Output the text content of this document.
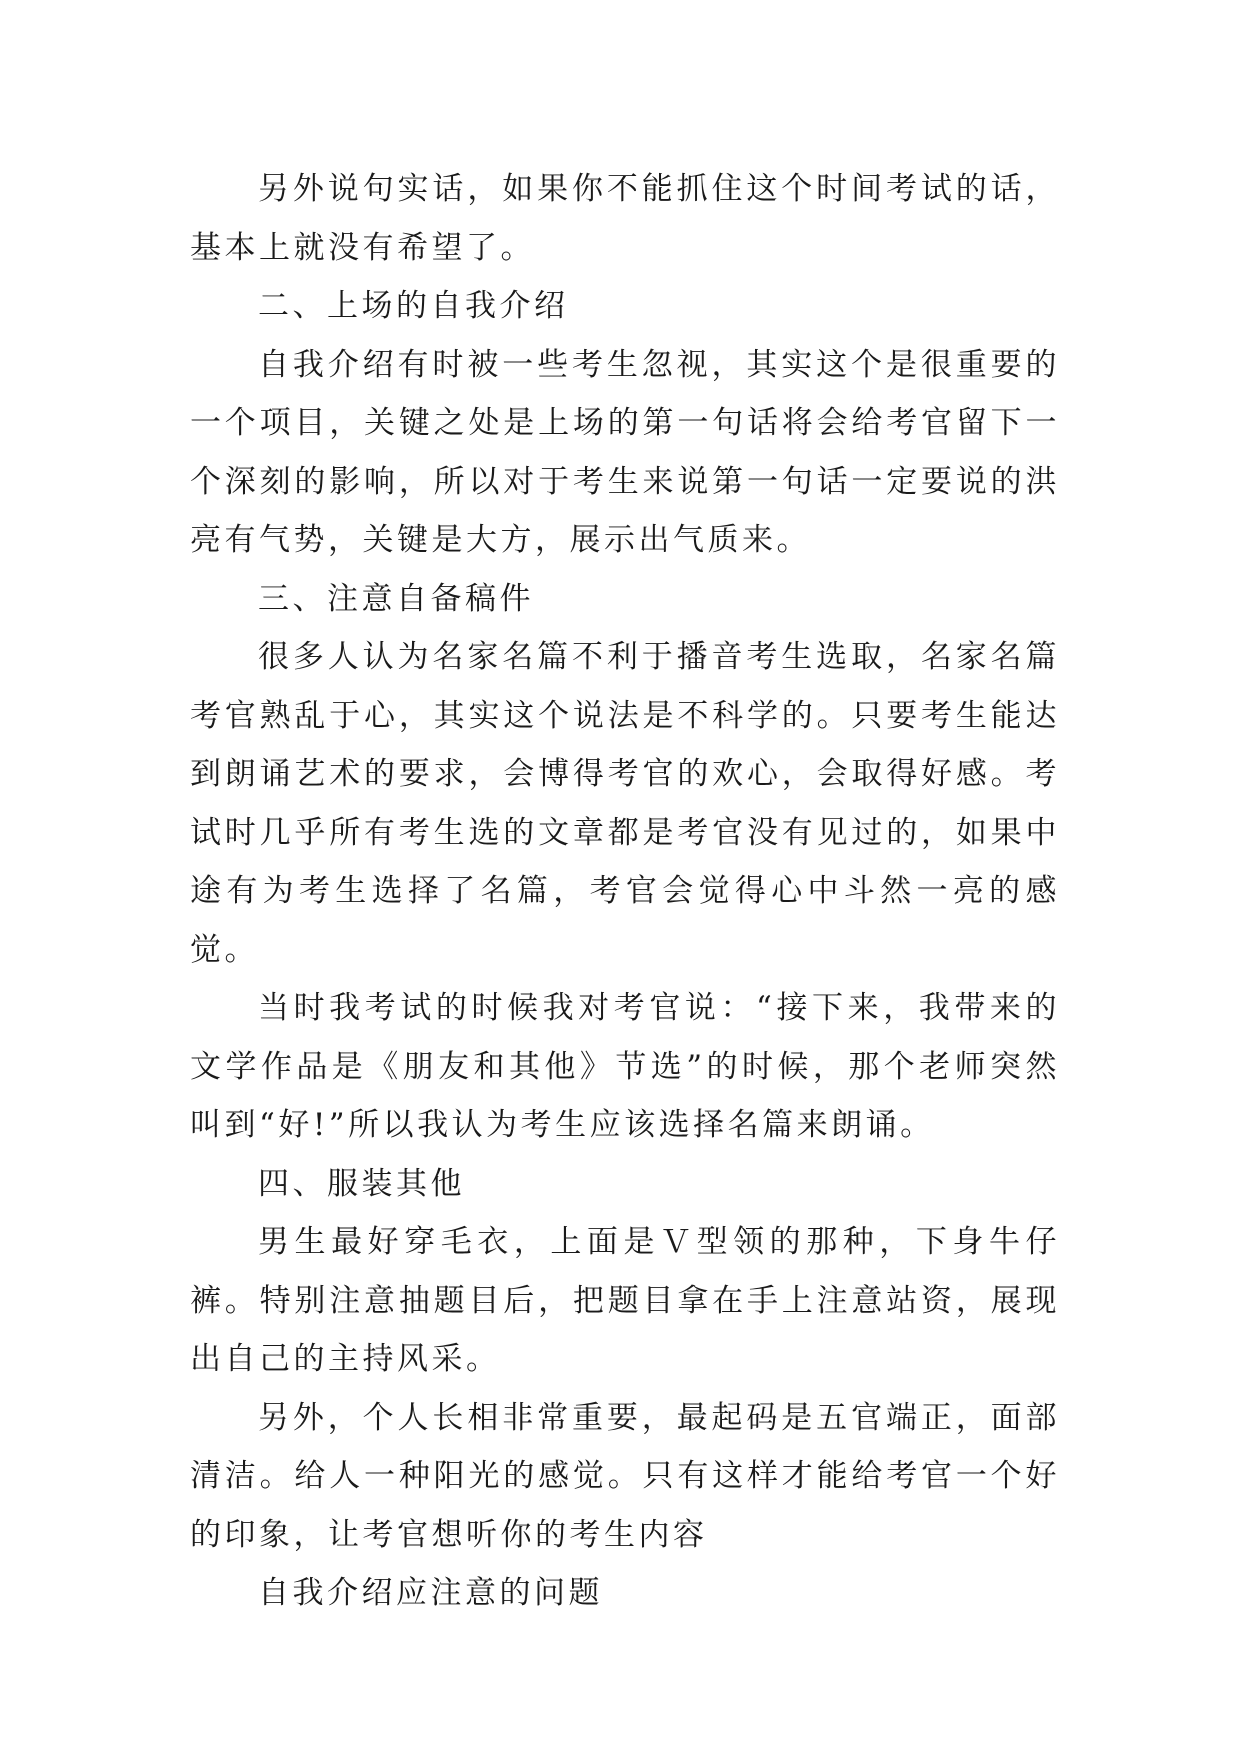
另外说句实话，如果你不能抓住这个时间考试的话，基本上就没有希望了。

二、上场的自我介绍

自我介绍有时被一些考生忽视，其实这个是很重要的一个项目，关键之处是上场的第一句话将会给考官留下一个深刻的影响，所以对于考生来说第一句话一定要说的洪亮有气势，关键是大方，展示出气质来。

三、注意自备稿件

很多人认为名家名篇不利于播音考生选取，名家名篇考官熟乱于心，其实这个说法是不科学的。只要考生能达到朗诵艺术的要求，会博得考官的欢心，会取得好感。考试时几乎所有考生选的文章都是考官没有见过的，如果中途有为考生选择了名篇，考官会觉得心中斗然一亮的感觉。

当时我考试的时候我对考官说：“接下来，我带来的文学作品是《朋友和其他》节选”的时候，那个老师突然叫到“好!”所以我认为考生应该选择名篇来朗诵。

四、服装其他

男生最好穿毛衣，上面是Ｖ型领的那种，下身牛仔裤。特别注意抽题目后，把题目拿在手上注意站资，展现出自己的主持风采。

另外，个人长相非常重要，最起码是五官端正，面部清洁。给人一种阳光的感觉。只有这样才能给考官一个好的印象，让考官想听你的考生内容

自我介绍应注意的问题
